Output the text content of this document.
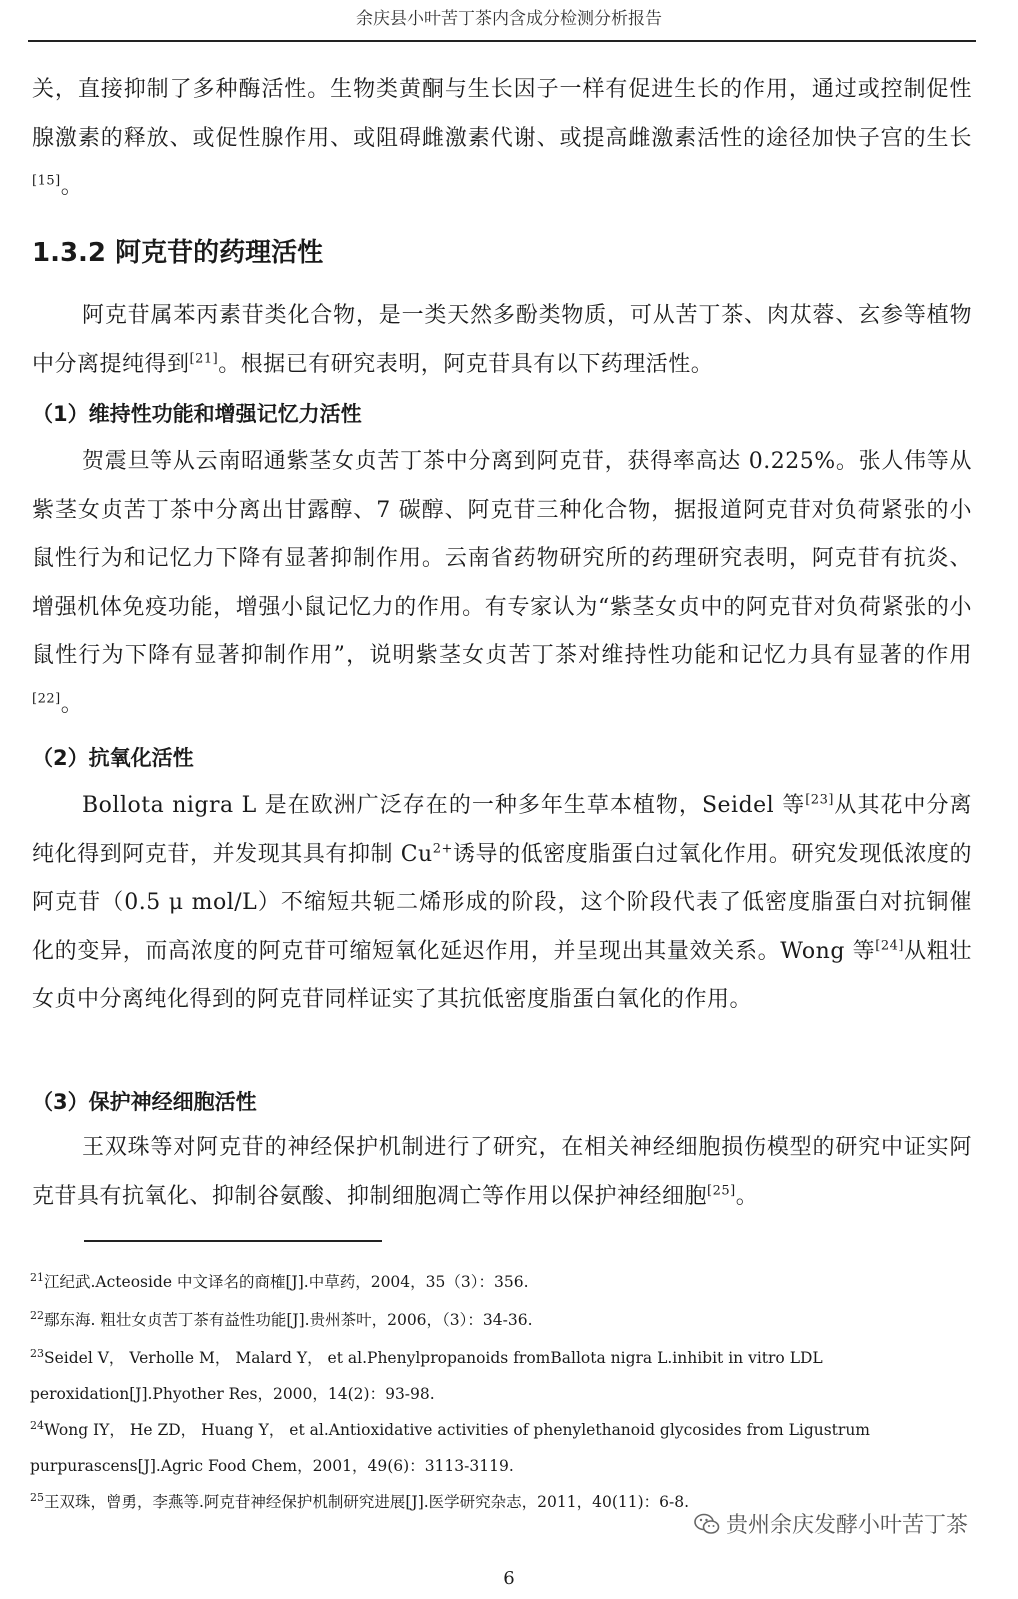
余庆县小叶苦丁茶内含成分检测分析报告
关，直接抑制了多种酶活性。生物类黄酮与生长因子一样有促进生长的作用，通过或控制促性腺激素的释放、或促性腺作用、或阻碍雌激素代谢、或提高雌激素活性的途径加快子宫的生长[15]。
1.3.2 阿克苷的药理活性
阿克苷属苯丙素苷类化合物，是一类天然多酚类物质，可从苦丁茶、肉苁蓉、玄参等植物中分离提纯得到[21]。根据已有研究表明，阿克苷具有以下药理活性。
（1）维持性功能和增强记忆力活性
贺震旦等从云南昭通紫茎女贞苦丁茶中分离到阿克苷，获得率高达 0.225%。张人伟等从紫茎女贞苦丁茶中分离出甘露醇、7 碳醇、阿克苷三种化合物，据报道阿克苷对负荷紧张的小鼠性行为和记忆力下降有显著抑制作用。云南省药物研究所的药理研究表明，阿克苷有抗炎、增强机体免疫功能，增强小鼠记忆力的作用。有专家认为“紫茎女贞中的阿克苷对负荷紧张的小鼠性行为下降有显著抑制作用”，说明紫茎女贞苦丁茶对维持性功能和记忆力具有显著的作用[22]。
（2）抗氧化活性
Bollota nigra L 是在欧洲广泛存在的一种多年生草本植物，Seidel 等[23]从其花中分离纯化得到阿克苷，并发现其具有抑制 $Cu^{2+}$诱导的低密度脂蛋白过氧化作用。研究发现低浓度的阿克苷（0.5 μ mol/L）不缩短共轭二烯形成的阶段，这个阶段代表了低密度脂蛋白对抗铜催化的变异，而高浓度的阿克苷可缩短氧化延迟作用，并呈现出其量效关系。Wong 等[24]从粗壮女贞中分离纯化得到的阿克苷同样证实了其抗低密度脂蛋白氧化的作用。
（3）保护神经细胞活性
王双珠等对阿克苷的神经保护机制进行了研究，在相关神经细胞损伤模型的研究中证实阿克苷具有抗氧化、抑制谷氨酸、抑制细胞凋亡等作用以保护神经细胞[25]。
$^{21}$江纪武.Acteoside 中文译名的商榷[J].中草药，2004，35（3）：356.
$^{22}$鄢东海. 粗壮女贞苦丁茶有益性功能[J].贵州茶叶，2006，（3）：34-36.
$^{23}$Seidel V， Verholle M， Malard Y， et al.Phenylpropanoids fromBallota nigra L.inhibit in vitro LDL
peroxidation[J].Phyother Res，2000，14(2)：93-98.
$^{24}$Wong IY， He ZD， Huang Y， et al.Antioxidative activities of phenylethanoid glycosides from Ligustrum
purpurascens[J].Agric Food Chem，2001，49(6)：3113-3119.
$^{25}$王双珠，曾勇，李燕等.阿克苷神经保护机制研究进展[J].医学研究杂志，2011，40(11)：6-8.
贵州余庆发酵小叶苦丁茶
6
